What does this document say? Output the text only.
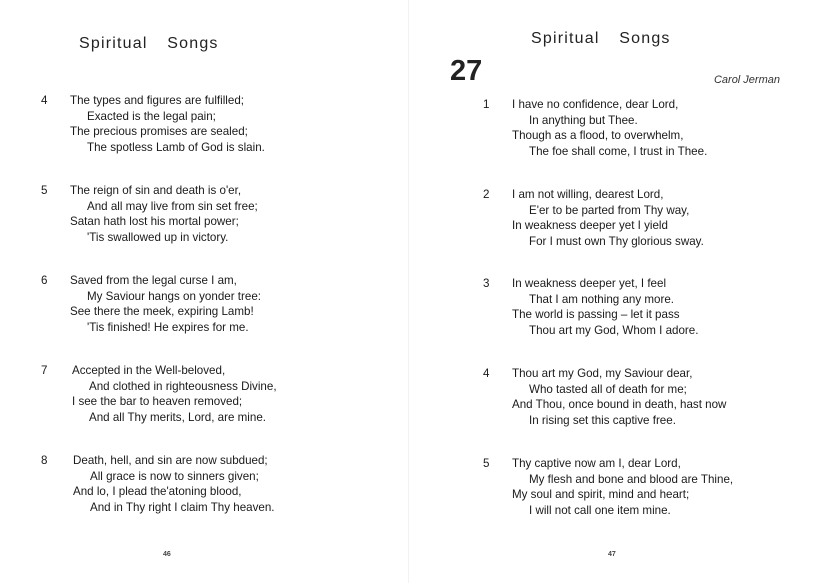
Spiritual Songs
4	The types and figures are fulfilled;
Exacted is the legal pain;
The precious promises are sealed;
The spotless Lamb of God is slain.
5	The reign of sin and death is o'er,
And all may live from sin set free;
Satan hath lost his mortal power;
'Tis swallowed up in victory.
6	Saved from the legal curse I am,
My Saviour hangs on yonder tree:
See there the meek, expiring Lamb!
'Tis finished! He expires for me.
7	Accepted in the Well-beloved,
And clothed in righteousness Divine,
I see the bar to heaven removed;
And all Thy merits, Lord, are mine.
8	Death, hell, and sin are now subdued;
All grace is now to sinners given;
And lo, I plead the'atoning blood,
And in Thy right I claim Thy heaven.
46
Spiritual Songs
27	Carol Jerman
1	I have no confidence, dear Lord,
In anything but Thee.
Though as a flood, to overwhelm,
The foe shall come, I trust in Thee.
2	I am not willing, dearest Lord,
E'er to be parted from Thy way,
In weakness deeper yet I yield
For I must own Thy glorious sway.
3	In weakness deeper yet, I feel
That I am nothing any more.
The world is passing – let it pass
Thou art my God, Whom I adore.
4	Thou art my God, my Saviour dear,
Who tasted all of death for me;
And Thou, once bound in death, hast now
In rising set this captive free.
5	Thy captive now am I, dear Lord,
My flesh and bone and blood are Thine,
My soul and spirit, mind and heart;
I will not call one item mine.
47
